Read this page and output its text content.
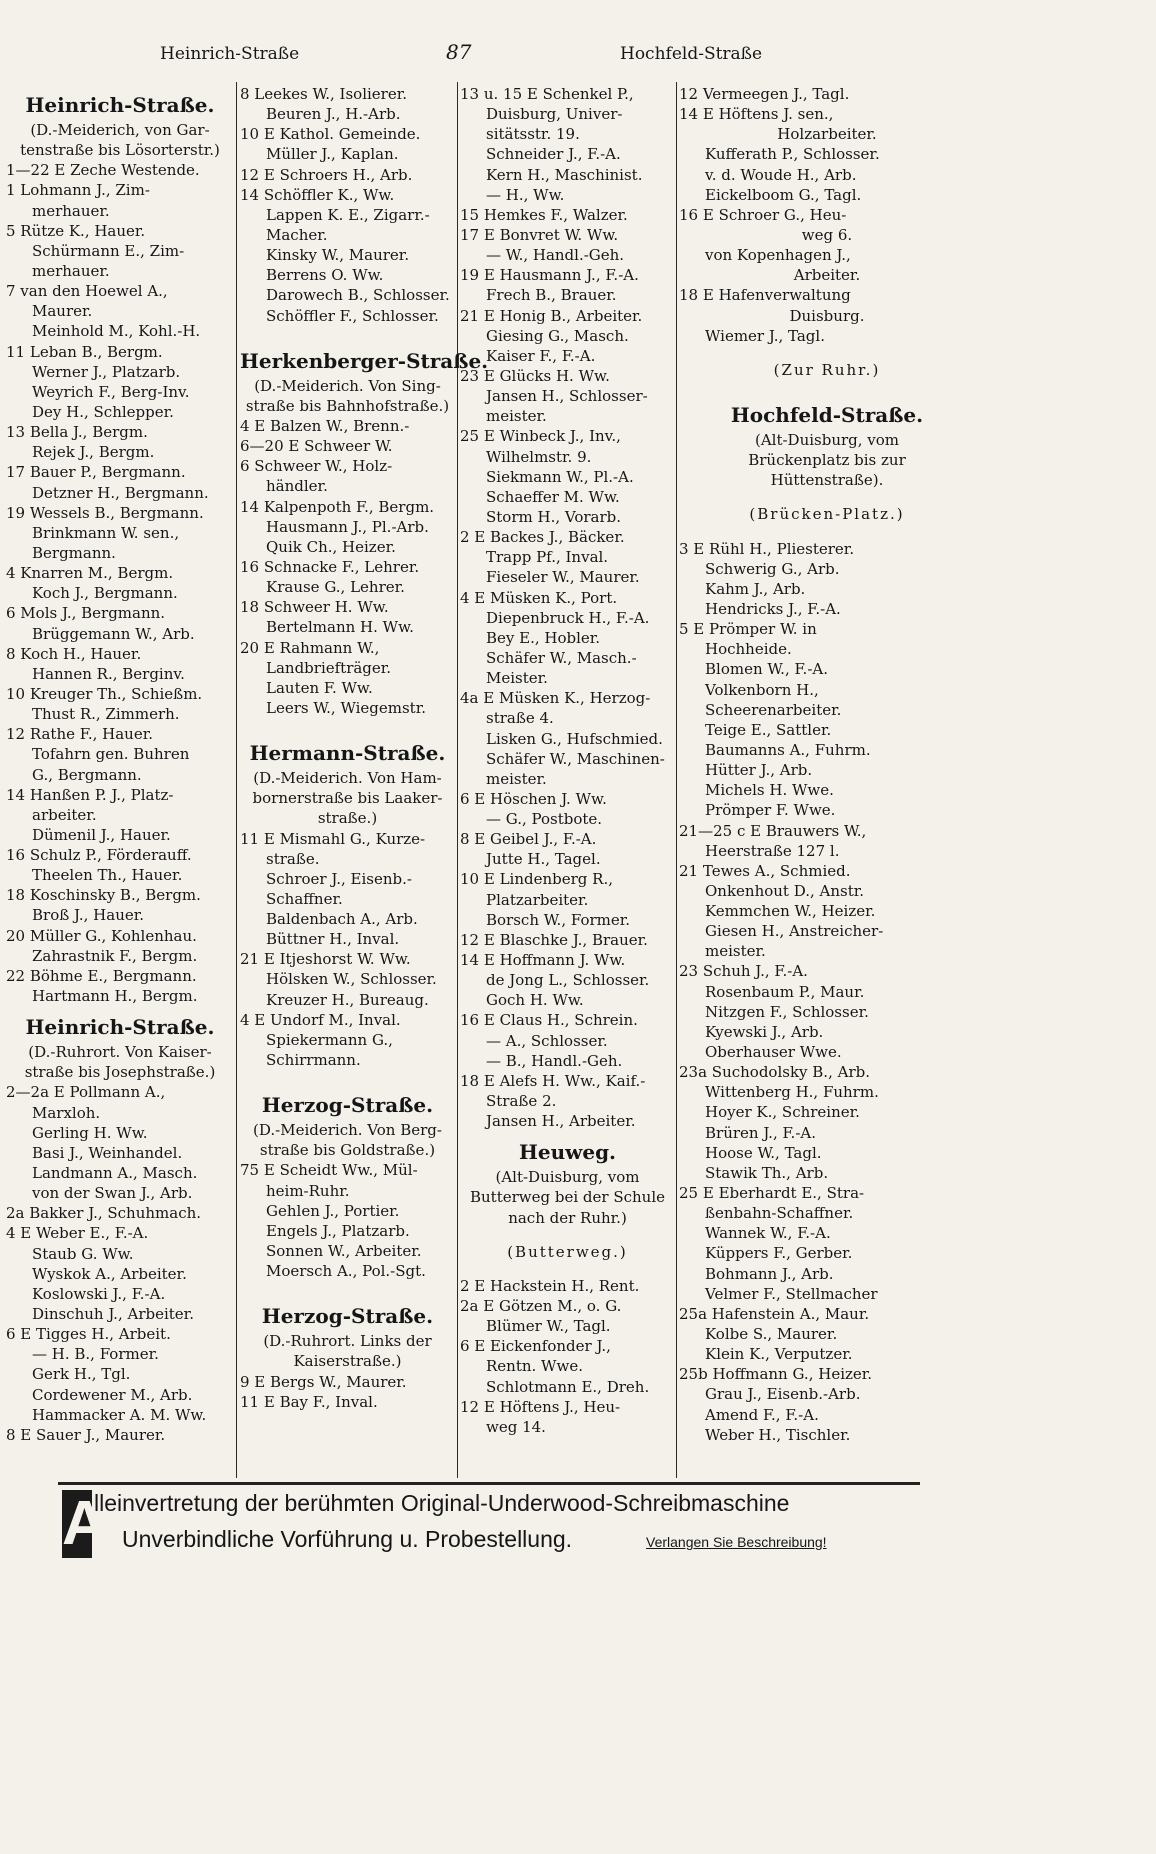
Heinrich-Straße	87	Hochfeld-Straße
Heinrich-Straße.
(D.-Meiderich, von Gar-
tenstraße bis Lösorterstr.)
1—22 E Zeche Westende.
1 Lohmann J., Zim-
merhauer.
5 Rütze K., Hauer.
Schürmann E., Zim-
merhauer.
7 van den Hoewel A.,
Maurer.
Meinhold M., Kohl.-H.
11 Leban B., Bergm.
Werner J., Platzarb.
Weyrich F., Berg-Inv.
Dey H., Schlepper.
13 Bella J., Bergm.
Rejek J., Bergm.
17 Bauer P., Bergmann.
Detzner H., Bergmann.
19 Wessels B., Bergmann.
Brinkmann W. sen.,
Bergmann.
4 Knarren M., Bergm.
Koch J., Bergmann.
6 Mols J., Bergmann.
Brüggemann W., Arb.
8 Koch H., Hauer.
Hannen R., Berginv.
10 Kreuger Th., Schießm.
Thust R., Zimmerh.
12 Rathe F., Hauer.
Tofahrn gen. Buhren
G., Bergmann.
14 Hanßen P. J., Platz-
arbeiter.
Dümenil J., Hauer.
16 Schulz P., Förderauff.
Theelen Th., Hauer.
18 Koschinsky B., Bergm.
Broß J., Hauer.
20 Müller G., Kohlenhau.
Zahrastnik F., Bergm.
22 Böhme E., Bergmann.
Hartmann H., Bergm.
Heinrich-Straße.
(D.-Ruhrort. Von Kaiser-
straße bis Josephstraße.)
2—2a E Pollmann A.,
Marxloh.
Gerling H. Ww.
Basi J., Weinhandel.
Landmann A., Masch.
von der Swan J., Arb.
2a Bakker J., Schuhmach.
4 E Weber E., F.-A.
Staub G. Ww.
Wyskok A., Arbeiter.
Koslowski J., F.-A.
Dinschuh J., Arbeiter.
6 E Tigges H., Arbeit.
— H. B., Former.
Gerk H., Tgl.
Cordewener M., Arb.
Hammacker A. M. Ww.
8 E Sauer J., Maurer.
8 Leekes W., Isolierer.
Beuren J., H.-Arb.
10 E Kathol. Gemeinde.
Müller J., Kaplan.
12 E Schroers H., Arb.
14 Schöffler K., Ww.
Lappen K. E., Zigarr.-
Macher.
Kinsky W., Maurer.
Berrens O. Ww.
Darowech B., Schlosser.
Schöffler F., Schlosser.
Herkenberger-Straße.
(D.-Meiderich. Von Sing-
straße bis Bahnhofstraße.)
4 E Balzen W., Brenn.-
6—20 E Schweer W.
6 Schweer W., Holz-
händler.
14 Kalpenpoth F., Bergm.
Hausmann J., Pl.-Arb.
Quik Ch., Heizer.
16 Schnacke F., Lehrer.
Krause G., Lehrer.
18 Schweer H. Ww.
Bertelmann H. Ww.
20 E Rahmann W.,
Landbriefträger.
Lauten F. Ww.
Leers W., Wiegemstr.
Hermann-Straße.
(D.-Meiderich. Von Ham-
bornerstraße bis Laaker-
straße.)
11 E Mismahl G., Kurze-
straße.
Schroer J., Eisenb.-
Schaffner.
Baldenbach A., Arb.
Büttner H., Inval.
21 E Itjeshorst W. Ww.
Hölsken W., Schlosser.
Kreuzer H., Bureaug.
4 E Undorf M., Inval.
Spiekermann G.,
Schirrmann.
Herzog-Straße.
(D.-Meiderich. Von Berg-
straße bis Goldstraße.)
75 E Scheidt Ww., Mül-
heim-Ruhr.
Gehlen J., Portier.
Engels J., Platzarb.
Sonnen W., Arbeiter.
Moersch A., Pol.-Sgt.
Herzog-Straße.
(D.-Ruhrort. Links der
Kaiserstraße.)
9 E Bergs W., Maurer.
11 E Bay F., Inval.
13 u. 15 E Schenkel P.,
Duisburg, Univer-
sitätsstr. 19.
Schneider J., F.-A.
Kern H., Maschinist.
— H., Ww.
15 Hemkes F., Walzer.
17 E Bonvret W. Ww.
— W., Handl.-Geh.
19 E Hausmann J., F.-A.
Frech B., Brauer.
21 E Honig B., Arbeiter.
Giesing G., Masch.
Kaiser F., F.-A.
23 E Glücks H. Ww.
Jansen H., Schlosser-
meister.
25 E Winbeck J., Inv.,
Wilhelmstr. 9.
Siekmann W., Pl.-A.
Schaeffer M. Ww.
Storm H., Vorarb.
2 E Backes J., Bäcker.
Trapp Pf., Inval.
Fieseler W., Maurer.
4 E Müsken K., Port.
Diepenbruck H., F.-A.
Bey E., Hobler.
Schäfer W., Masch.-
Meister.
4a E Müsken K., Herzog-
straße 4.
Lisken G., Hufschmied.
Schäfer W., Maschinen-
meister.
6 E Höschen J. Ww.
— G., Postbote.
8 E Geibel J., F.-A.
Jutte H., Tagel.
10 E Lindenberg R.,
Platzarbeiter.
Borsch W., Former.
12 E Blaschke J., Brauer.
14 E Hoffmann J. Ww.
de Jong L., Schlosser.
Goch H. Ww.
16 E Claus H., Schrein.
— A., Schlosser.
— B., Handl.-Geh.
18 E Alefs H. Ww., Kaif.-
Straße 2.
Jansen H., Arbeiter.
Heuweg.
(Alt-Duisburg, vom
Butterweg bei der Schule
nach der Ruhr.)
(Butterweg.)
2 E Hackstein H., Rent.
2a E Götzen M., o. G.
Blümer W., Tagl.
6 E Eickenfonder J.,
Rentn. Wwe.
Schlotmann E., Dreh.
12 E Höftens J., Heu-
weg 14.
12 Vermeegen J., Tagl.
14 E Höftens J. sen.,
Holzarbeiter.
Kufferath P., Schlosser.
v. d. Woude H., Arb.
Eickelboom G., Tagl.
16 E Schroer G., Heu-
weg 6.
von Kopenhagen J.,
Arbeiter.
18 E Hafenverwaltung
Duisburg.
Wiemer J., Tagl.
(Zur Ruhr.)
Hochfeld-Straße.
(Alt-Duisburg, vom
Brückenplatz bis zur
Hüttenstraße).
(Brücken-Platz.)
3 E Rühl H., Pliesterer.
Schwerig G., Arb.
Kahm J., Arb.
Hendricks J., F.-A.
5 E Prömper W. in
Hochheide.
Blomen W., F.-A.
Volkenborn H.,
Scheerenarbeiter.
Teige E., Sattler.
Baumanns A., Fuhrm.
Hütter J., Arb.
Michels H. Wwe.
Prömper F. Wwe.
21—25 c E Brauwers W.,
Heerstraße 127 l.
21 Tewes A., Schmied.
Onkenhout D., Anstr.
Kemmchen W., Heizer.
Giesen H., Anstreicher-
meister.
23 Schuh J., F.-A.
Rosenbaum P., Maur.
Nitzgen F., Schlosser.
Kyewski J., Arb.
Oberhauser Wwe.
23a Suchodolsky B., Arb.
Wittenberg H., Fuhrm.
Hoyer K., Schreiner.
Brüren J., F.-A.
Hoose W., Tagl.
Stawik Th., Arb.
25 E Eberhardt E., Stra-
ßenbahn-Schaffner.
Wannek W., F.-A.
Küppers F., Gerber.
Bohmann J., Arb.
Velmer F., Stellmacher
25a Hafenstein A., Maur.
Kolbe S., Maurer.
Klein K., Verputzer.
25b Hoffmann G., Heizer.
Grau J., Eisenb.-Arb.
Amend F., F.-A.
Weber H., Tischler.
A
lleinvertretung der berühmten Original-Underwood-Schreibmaschine
Unverbindliche Vorführung u. Probestellung.	Verlangen Sie Beschreibung!
